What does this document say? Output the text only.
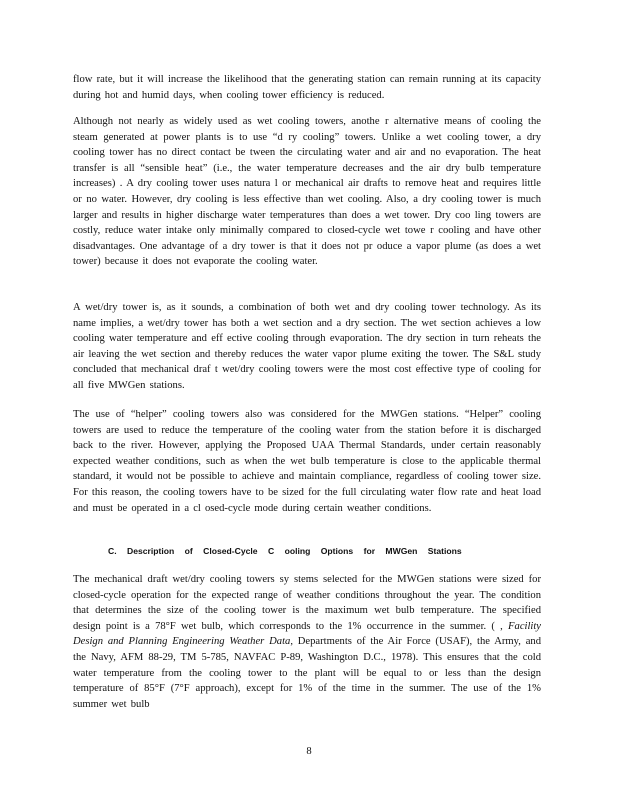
flow rate, but it will increase the likelihood that the generating station can remain running at its capacity during hot and humid days, when cooling tower efficiency is reduced.

Although not nearly as widely used as wet cooling towers, anothe r alternative means of cooling the steam generated at power plants is to use “d ry cooling” towers. Unlike a wet cooling tower, a dry cooling tower has no direct contact be tween the circulating water and air and no evaporation. The heat transfer is all “sensible heat” (i.e., the water temperature decreases and the air dry bulb temperature increases) . A dry cooling tower uses natura l or mechanical air drafts to remove heat and requires little or no water. However, dry cooling is less effective than wet cooling. Also, a dry cooling tower is much larger and results in higher discharge water temperatures than does a wet tower. Dry coo ling towers are costly, reduce water intake only minimally compared to closed-cycle wet towe r cooling and have other disadvantages. One advantage of a dry tower is that it does not pr oduce a vapor plume (as does a wet tower) because it does not evaporate the cooling water.

A wet/dry tower is, as it sounds, a combination of both wet and dry cooling tower technology. As its name implies, a wet/dry tower has both a wet section and a dry section. The wet section achieves a low cooling water temperature and eff ective cooling through evaporation. The dry section in turn reheats the air leaving the wet section and thereby reduces the water vapor plume exiting the tower. The S&L study concluded that mechanical draf t wet/dry cooling towers were the most cost effective type of cooling for all five MWGen stations.

The use of “helper” cooling towers also was considered for the MWGen stations. “Helper” cooling towers are used to reduce the temperature of the cooling water from the station before it is discharged back to the river. However, applying the Proposed UAA Thermal Standards, under certain reasonably expected weather conditions, such as when the wet bulb temperature is close to the applicable thermal standard, it would not be possible to achieve and maintain compliance, regardless of cooling tower size. For this reason, the cooling towers have to be sized for the full circulating water flow rate and heat load and must be operated in a cl osed-cycle mode during certain weather conditions.

C. Description of Closed-Cycle C ooling Options for MWGen Stations

The mechanical draft wet/dry cooling towers sy stems selected for the MWGen stations were sized for closed-cycle operation for the expected range of weather conditions throughout the year. The condition that determines the size of the cooling tower is the maximum wet bulb temperature. The specified design point is a 78°F wet bulb, which corresponds to the 1% occurrence in the summer. ( , Facility Design and Planning Engineering Weather Data, Departments of the Air Force (USAF), the Army, and the Navy, AFM 88-29, TM 5-785, NAVFAC P-89, Washington D.C., 1978). This ensures that the cold water temperature from the cooling tower to the plant will be equal to or less than the design temperature of 85°F (7°F approach), except for 1% of the time in the summer. The use of the 1% summer wet bulb

8
